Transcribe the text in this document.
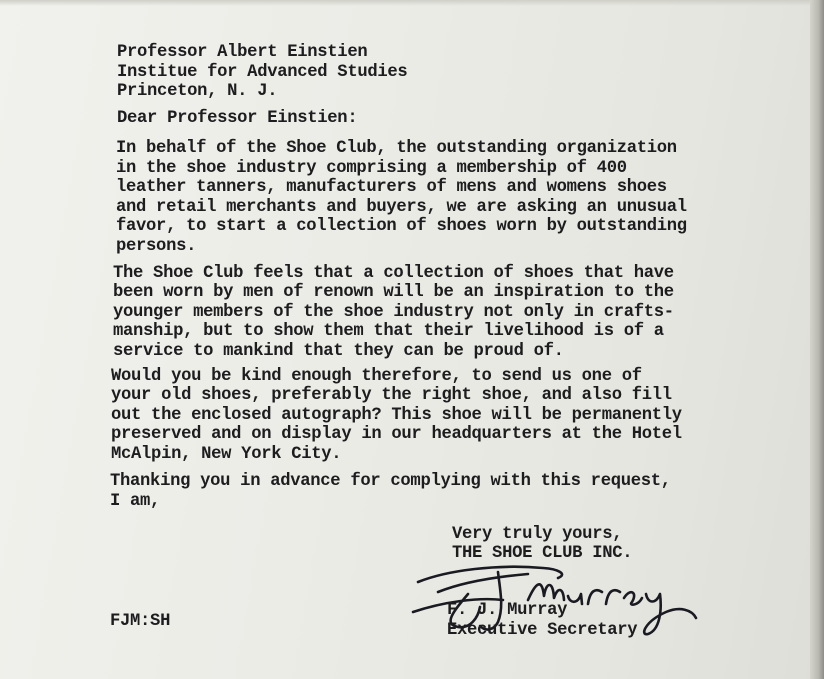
Professor Albert Einstien
Institue for Advanced Studies
Princeton, N. J.
Dear Professor Einstien:
In behalf of the Shoe Club, the outstanding organization
in the shoe industry comprising a membership of 400
leather tanners, manufacturers of mens and womens shoes
and retail merchants and buyers, we are asking an unusual
favor, to start a collection of shoes worn by outstanding
persons.
The Shoe Club feels that a collection of shoes that have
been worn by men of renown will be an inspiration to the
younger members of the shoe industry not only in crafts-
manship, but to show them that their livelihood is of a
service to mankind that they can be proud of.
Would you be kind enough therefore, to send us one of
your old shoes, preferably the right shoe, and also fill
out the enclosed autograph? This shoe will be permanently
preserved and on display in our headquarters at the Hotel
McAlpin, New York City.
Thanking you in advance for complying with this request,
I am,
Very truly yours,
THE SHOE CLUB INC.
F. J. Murray
Executive Secretary
FJM:SH
